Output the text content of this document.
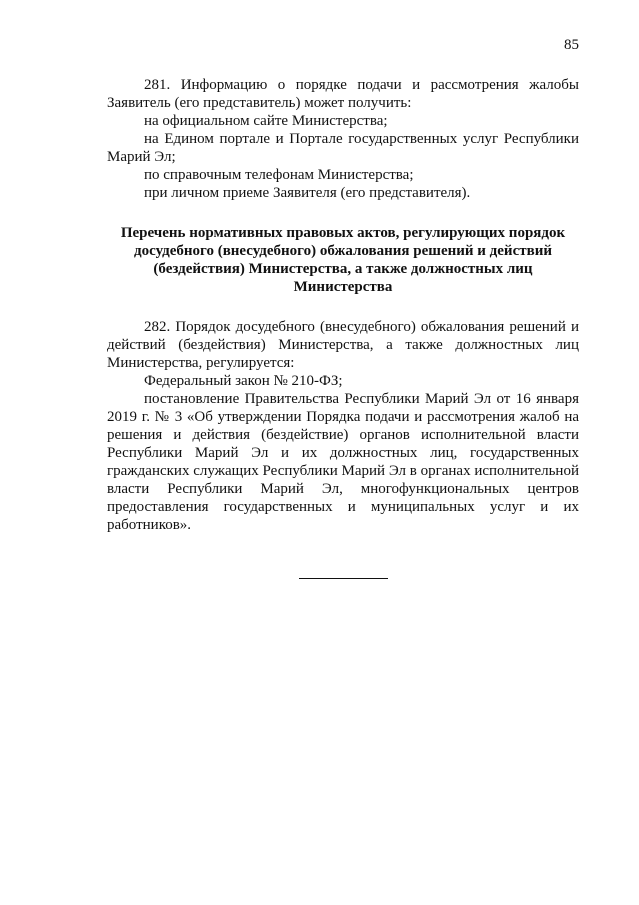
85

281. Информацию о порядке подачи и рассмотрения жалобы Заявитель (его представитель) может получить:

на официальном сайте Министерства;

на Едином портале и Портале государственных услуг Республики Марий Эл;

по справочным телефонам Министерства;

при личном приеме Заявителя (его представителя).

Перечень нормативных правовых актов, регулирующих порядок досудебного (внесудебного) обжалования решений и действий (бездействия) Министерства, а также должностных лиц Министерства

282. Порядок досудебного (внесудебного) обжалования решений и действий (бездействия) Министерства, а также должностных лиц Министерства, регулируется:

Федеральный закон № 210-ФЗ;

постановление Правительства Республики Марий Эл от 16 января 2019 г. № 3 «Об утверждении Порядка подачи и рассмотрения жалоб на решения и действия (бездействие) органов исполнительной власти Республики Марий Эл и их должностных лиц, государственных гражданских служащих Республики Марий Эл в органах исполнительной власти Республики Марий Эл, многофункциональных центров предоставления государственных и муниципальных услуг и их работников».
